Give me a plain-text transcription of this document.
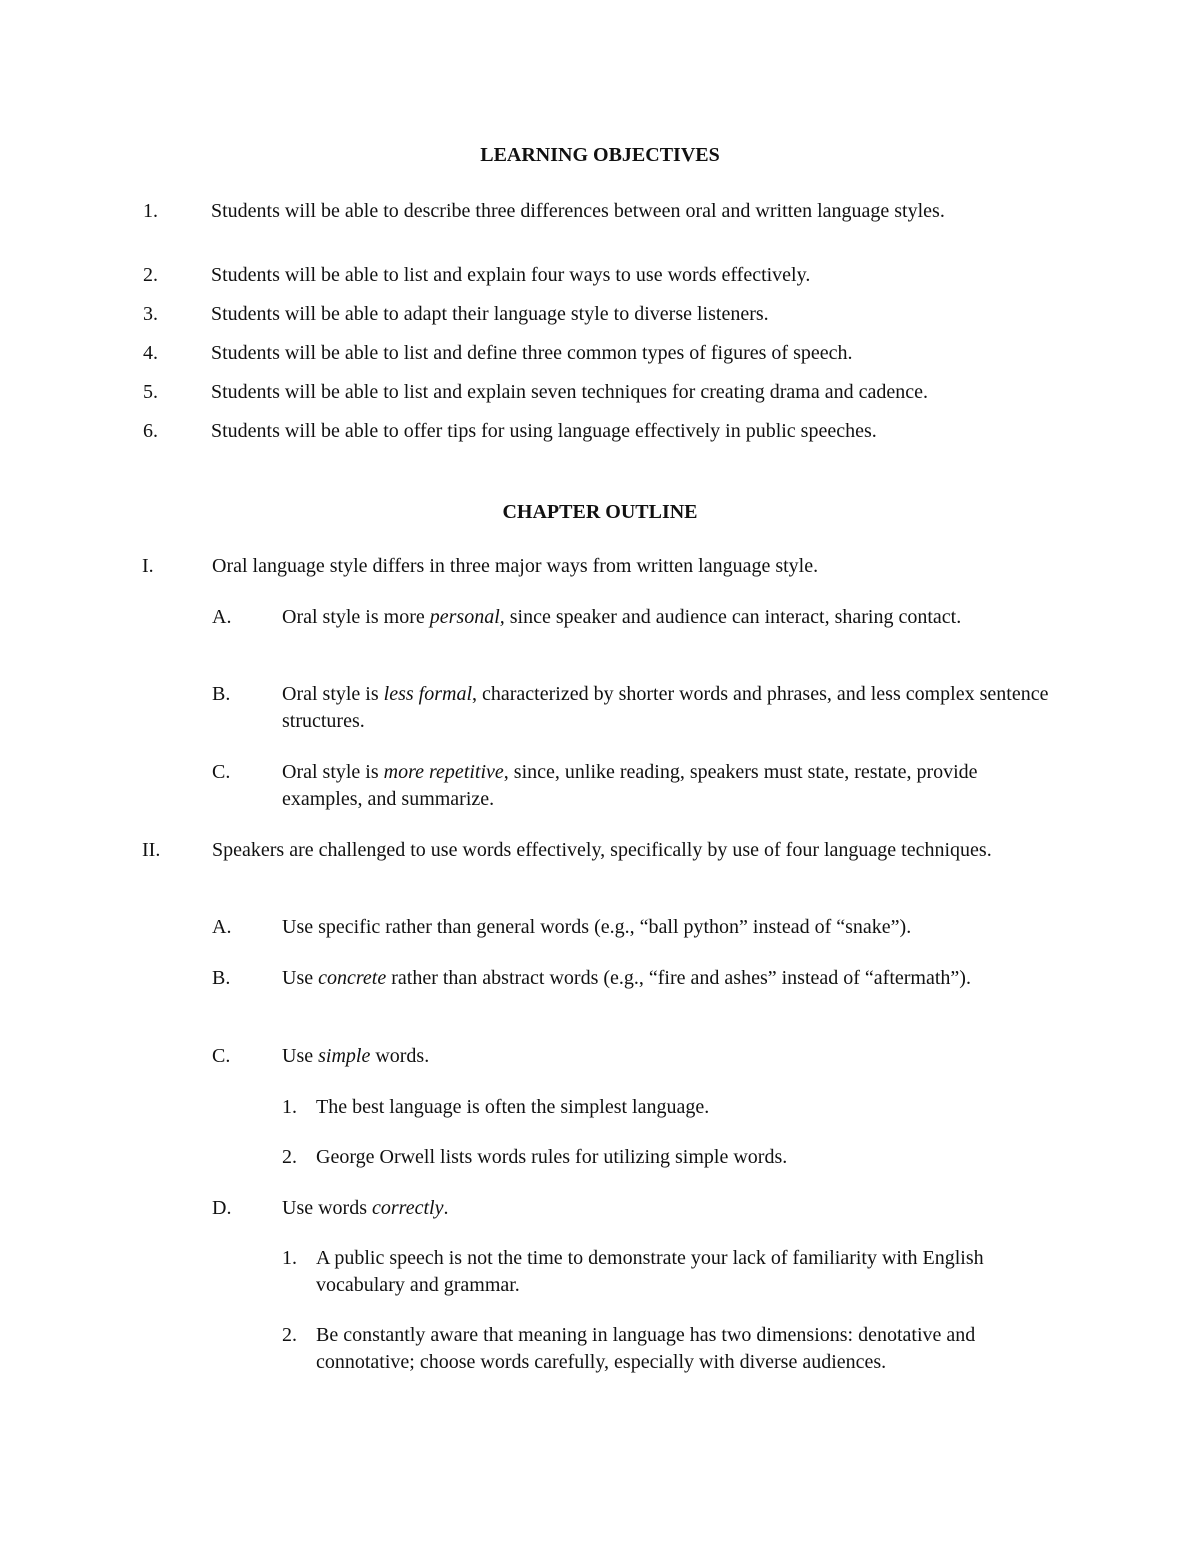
LEARNING OBJECTIVES
1.	Students will be able to describe three differences between oral and written language styles.
2.	Students will be able to list and explain four ways to use words effectively.
3.	Students will be able to adapt their language style to diverse listeners.
4.	Students will be able to list and define three common types of figures of speech.
5.	Students will be able to list and explain seven techniques for creating drama and cadence.
6.	Students will be able to offer tips for using language effectively in public speeches.
CHAPTER OUTLINE
I.	Oral language style differs in three major ways from written language style.
A.	Oral style is more personal, since speaker and audience can interact, sharing contact.
B.	Oral style is less formal, characterized by shorter words and phrases, and less complex sentence structures.
C.	Oral style is more repetitive, since, unlike reading, speakers must state, restate, provide examples, and summarize.
II.	Speakers are challenged to use words effectively, specifically by use of four language techniques.
A.	Use specific rather than general words (e.g., “ball python” instead of “snake”).
B.	Use concrete rather than abstract words (e.g., “fire and ashes” instead of “aftermath”).
C.	Use simple words.
1. The best language is often the simplest language.
2. George Orwell lists words rules for utilizing simple words.
D.	Use words correctly.
1. A public speech is not the time to demonstrate your lack of familiarity with English vocabulary and grammar.
2. Be constantly aware that meaning in language has two dimensions: denotative and connotative; choose words carefully, especially with diverse audiences.
